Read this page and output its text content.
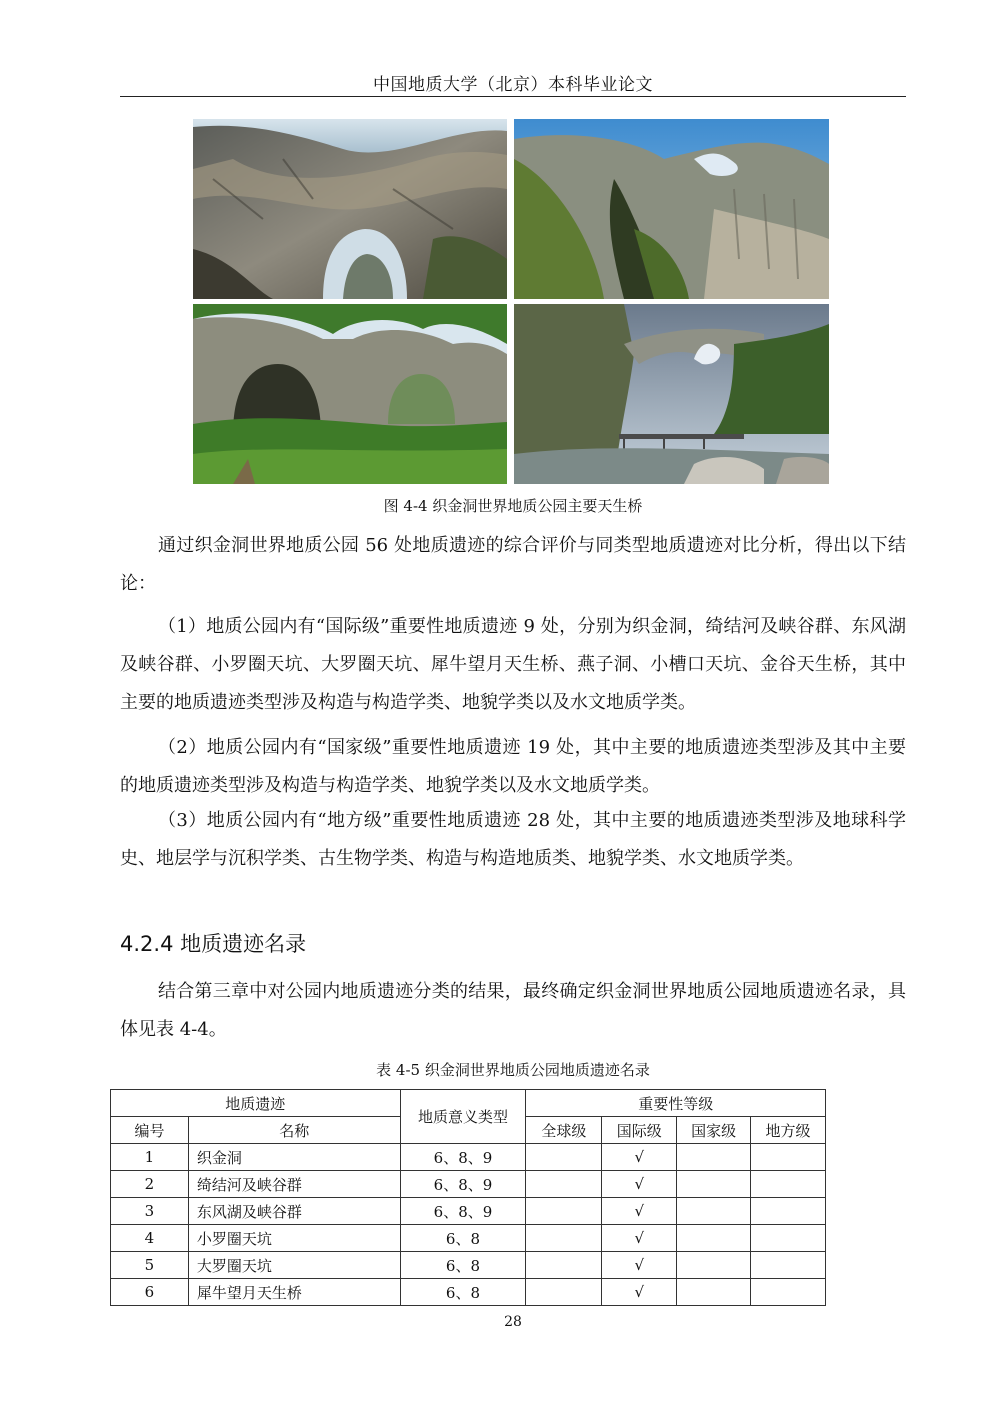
中国地质大学（北京）本科毕业论文
图 4-4 织金洞世界地质公园主要天生桥

通过织金洞世界地质公园 56 处地质遗迹的综合评价与同类型地质遗迹对比分析，得出以下结论：

（1）地质公园内有“国际级”重要性地质遗迹 9 处，分别为织金洞，绮结河及峡谷群、东风湖及峡谷群、小罗圈天坑、大罗圈天坑、犀牛望月天生桥、燕子洞、小槽口天坑、金谷天生桥，其中主要的地质遗迹类型涉及构造与构造学类、地貌学类以及水文地质学类。

（2）地质公园内有“国家级”重要性地质遗迹 19 处，其中主要的地质遗迹类型涉及其中主要的地质遗迹类型涉及构造与构造学类、地貌学类以及水文地质学类。

（3）地质公园内有“地方级”重要性地质遗迹 28 处，其中主要的地质遗迹类型涉及地球科学史、地层学与沉积学类、古生物学类、构造与构造地质类、地貌学类、水文地质学类。

4.2.4 地质遗迹名录

结合第三章中对公园内地质遗迹分类的结果，最终确定织金洞世界地质公园地质遗迹名录，具体见表 4-4。

表 4-5 织金洞世界地质公园地质遗迹名录
地质遗迹		地质意义类型	重要性等级			
编号	名称		全球级	国际级	国家级	地方级
1	织金洞	6、8、9		√		
2	绮结河及峡谷群	6、8、9		√		
3	东风湖及峡谷群	6、8、9		√		
4	小罗圈天坑	6、8		√		
5	大罗圈天坑	6、8		√		
6	犀牛望月天生桥	6、8		√		
28
